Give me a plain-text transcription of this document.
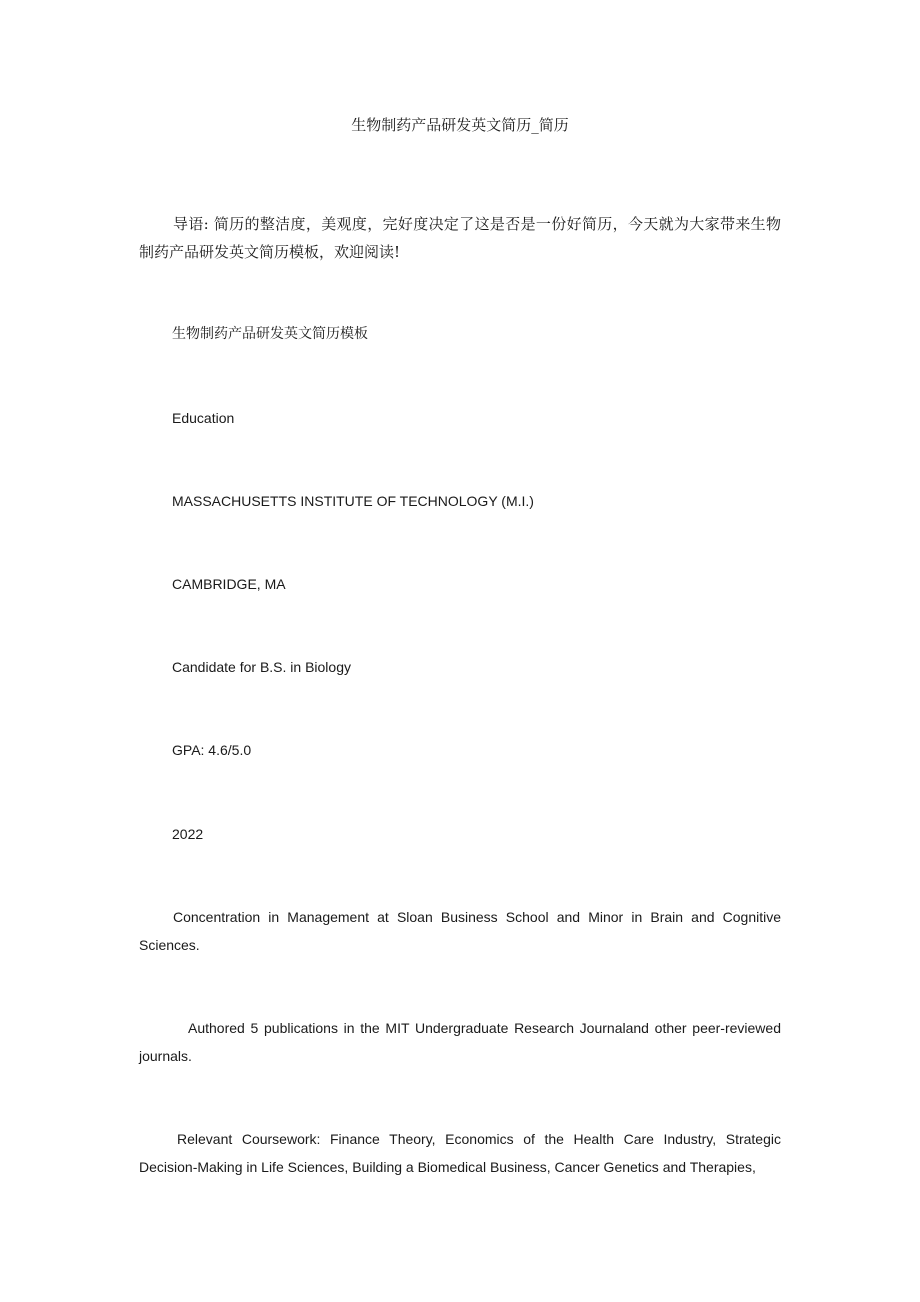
生物制药产品研发英文简历_简历
导语: 简历的整洁度，美观度，完好度决定了这是否是一份好简历，今天就为大家带来生物制药产品研发英文简历模板，欢迎阅读!
生物制药产品研发英文简历模板
Education
MASSACHUSETTS INSTITUTE OF TECHNOLOGY (M.I.)
CAMBRIDGE, MA
Candidate for B.S. in Biology
GPA: 4.6/5.0
2022
Concentration in Management at Sloan Business School and Minor in Brain and Cognitive Sciences.
Authored 5 publications in the MIT Undergraduate Research Journaland other peer-reviewed journals.
Relevant Coursework: Finance Theory, Economics of the Health Care Industry, Strategic Decision-Making in Life Sciences, Building a Biomedical Business, Cancer Genetics and Therapies,
